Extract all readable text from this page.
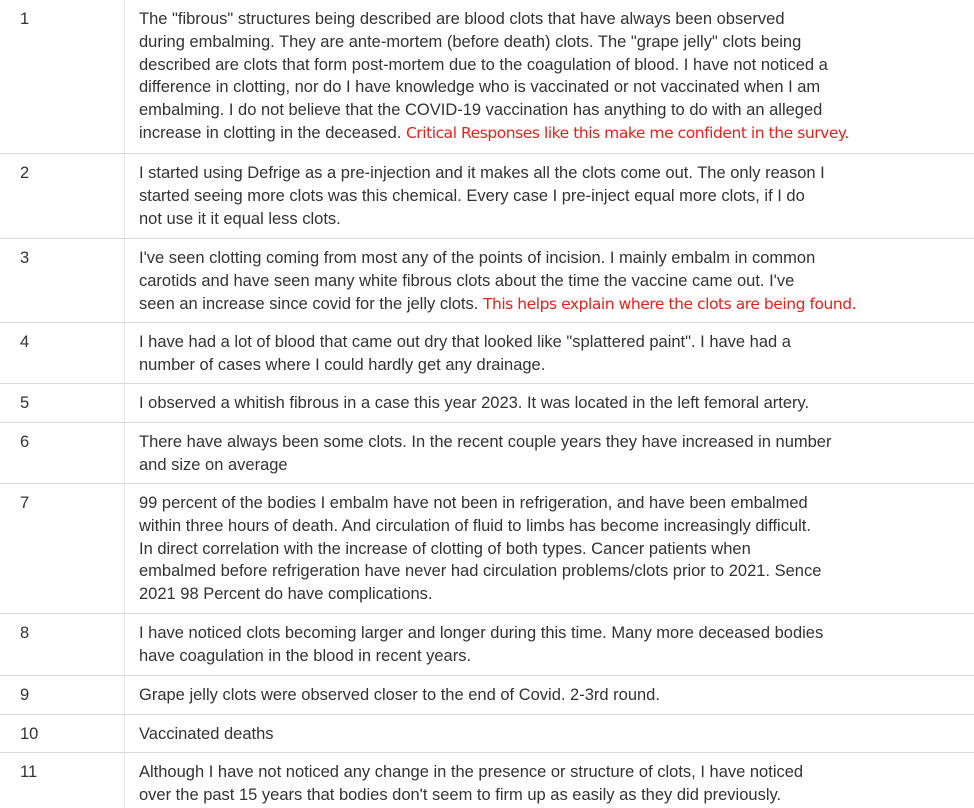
1	The "fibrous" structures being described are blood clots that have always been observed
during embalming. They are ante-mortem (before death) clots. The "grape jelly" clots being
described are clots that form post-mortem due to the coagulation of blood. I have not noticed a
difference in clotting, nor do I have knowledge who is vaccinated or not vaccinated when I am
embalming. I do not believe that the COVID-19 vaccination has anything to do with an alleged
increase in clotting in the deceased. Critical Responses like this make me confident in the survey.
2	I started using Defrige as a pre-injection and it makes all the clots come out. The only reason I
started seeing more clots was this chemical. Every case I pre-inject equal more clots, if I do
not use it it equal less clots.
3	I've seen clotting coming from most any of the points of incision. I mainly embalm in common
carotids and have seen many white fibrous clots about the time the vaccine came out. I've
seen an increase since covid for the jelly clots. This helps explain where the clots are being found.
4	I have had a lot of blood that came out dry that looked like "splattered paint". I have had a
number of cases where I could hardly get any drainage.
5	I observed a whitish fibrous in a case this year 2023. It was located in the left femoral artery.
6	There have always been some clots. In the recent couple years they have increased in number
and size on average
7	99 percent of the bodies I embalm have not been in refrigeration, and have been embalmed
within three hours of death. And circulation of fluid to limbs has become increasingly difficult.
In direct correlation with the increase of clotting of both types. Cancer patients when
embalmed before refrigeration have never had circulation problems/clots prior to 2021. Sence
2021 98 Percent do have complications.
8	I have noticed clots becoming larger and longer during this time. Many more deceased bodies
have coagulation in the blood in recent years.
9	Grape jelly clots were observed closer to the end of Covid. 2-3rd round.
10	Vaccinated deaths
11	Although I have not noticed any change in the presence or structure of clots, I have noticed
over the past 15 years that bodies don't seem to firm up as easily as they did previously.
